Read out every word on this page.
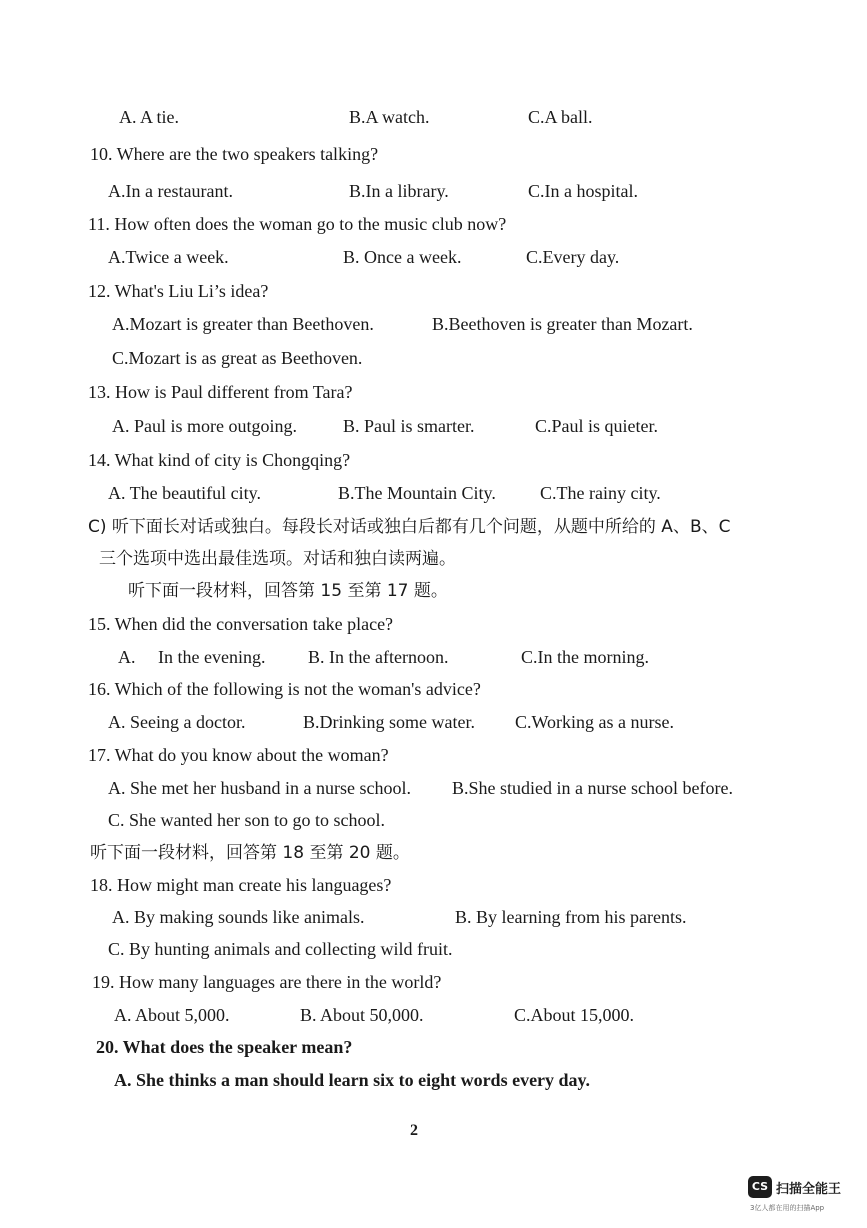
A. A tie.	B.A watch.	C.A ball.
10. Where are the two speakers talking?
A.In a restaurant.	B.In a library.	C.In a hospital.
11. How often does the woman go to the music club now?
A.Twice a week.	B. Once a week.	C.Every day.
12. What's Liu Li’s idea?
A.Mozart is greater than Beethoven.	B.Beethoven is greater than Mozart.
C.Mozart is as great as Beethoven.
13. How is Paul different from Tara?
A. Paul is more outgoing.	B. Paul is smarter.	C.Paul is quieter.
14. What kind of city is Chongqing?
A. The beautiful city.	B.The Mountain City. C.The rainy city.
C) 听下面长对话或独白。每段长对话或独白后都有几个问题，从题中所给的 A、B、C
三个选项中选出最佳选项。对话和独白读两遍。
听下面一段材料，回答第 15 至第 17 题。
15. When did the conversation take place?
A. In the evening. B. In the afternoon.	C.In the morning.
16. Which of the following is not the woman's advice?
A. Seeing a doctor.	B.Drinking some water. C.Working as a nurse.
17. What do you know about the woman?
A. She met her husband in a nurse school. B.She studied in a nurse school before.
C. She wanted her son to go to school.
听下面一段材料，回答第 18 至第 20 题。
18. How might man create his languages?
A. By making sounds like animals.	B. By learning from his parents.
C. By hunting animals and collecting wild fruit.
19. How many languages are there in the world?
A. About 5,000.	B. About 50,000.	C.About 15,000.
20. What does the speaker mean?
A. She thinks a man should learn six to eight words every day.
2
CS 扫描全能王
3亿人都在用的扫描App
